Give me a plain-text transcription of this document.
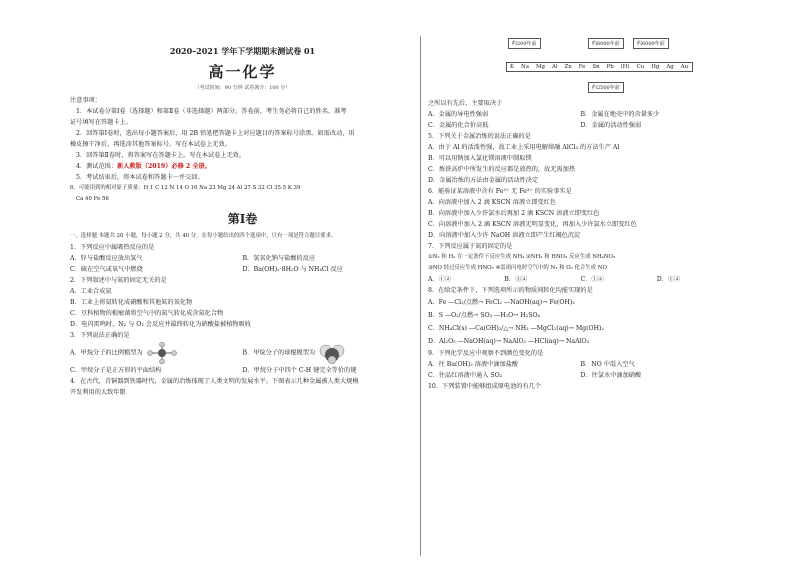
2020–2021 学年下学期期末测试卷 01
高一化学
（考试时间：90 分钟 试卷满分：100 分）
注意事项：
1．本试卷分第Ⅰ卷（选择题）和第Ⅱ卷（非选择题）两部分。答卷前，考生务必将自己的姓名、准考
证号填写在答题卡上。
2．回答第Ⅰ卷时，选出每小题答案后，用 2B 铅笔把答题卡上对应题目的答案标号涂黑。如需改动，用
橡皮擦干净后，再选涂其他答案标号。写在本试卷上无效。
3．回答第Ⅱ卷时，将答案写在答题卡上。写在本试卷上无效。
4．测试范围：新人教版（2019）必修 2 全册。
5．考试结束后，将本试卷和答题卡一并交回。
6．可能用到的相对原子质量：H 1 C 12 N 14 O 16 Na 23 Mg 24 Al 27 S 32 Cl 35.5 K 39
Ca 40 Fe 56
第Ⅰ卷
一、选择题 本题共 20 小题，每小题 2 分，共 40 分。在每小题给出的四个选项中，只有一项是符合题目要求。
1．下列反应中属吸热反应的是
A．锌与盐酸反应放出氢气	B．氢氧化钠与盐酸的反应
C．硫在空气或氧气中燃烧	D．Ba(OH)₂·8H₂O 与 NH₄Cl 反应
2．下列叙述中与氮的固定无关的是
A．工业合成氨
B．工业上将氨转化成硝酸和其他氮的氧化物
C．豆科植物的根瘤菌将空气中的氮气转化成含氮化合物
D．电闪雷鸣时，N₂ 与 O₂ 会反应并最终转化为硝酸盐被植物吸收
3．下列说法正确的是
A．甲烷分子的比例模型为	B．甲烷分子的球棍模型为
C．甲烷分子是正方形的平面结构	D．甲烷分子中四个 C-H 键完全等价的键
4．在古代，青铜器到铁器时代，金属的冶炼体现了人类文明的发展水平。下图表示几种金属被人类大规模
开发利用的大致年限
约200年前	约6000年前	约6000年前
K	Na	Mg	Al	Zn	Fe	Sn	Pb	(H)	Cu	Hg	Ag	Au
约2500年前
之所以有先后，主要取决于
A．金属的导电性强弱	B．金属在地壳中的含量多少
C．金属的化合价高低	D．金属的活动性强弱
5．下列关于金属冶炼的说法正确的是
A．由于 Al 的活泼性强，故工业上采用电解熔融 AlCl₃ 的方法生产 Al
B．可以用钠加入氯化镁溶液中制取镁
C．炼铁高炉中所发生的反应都是放热的，故无需加热
D．金属冶炼的方法由金属的活动性决定
6．能验证某溶液中含有 Fe²⁺ 无 Fe³⁺ 的实验事实是
A．向溶液中加入 2 滴 KSCN 溶液立即变红色
B．向溶液中加入少许氯水后再加 2 滴 KSCN 溶液立即变红色
C．向溶液中加入 2 滴 KSCN 溶液无明显变化，再加入少许氯水立即变红色
D．向溶液中加入少许 NaOH 溶液立即产生红褐色沉淀
7．下列反应属于氮的固定的是
①N₂ 和 H₂ 在一定条件下反应生成 NH₃ ②NH₃ 和 HNO₃ 反应生成 NH₄NO₃
③NO 经过反应生成 HNO₃ ④雷雨闪电时空气中的 N₂ 和 O₂ 化合生成 NO
A．①②	B．③④	C．①④	D．①④
8．在给定条件下，下列选项所示的物质间转化均能实现的是
A．Fe —Cl₂/点燃→ FeCl₂ —NaOH(aq)→ Fe(OH)₂
B．S —O₂/点燃→ SO₃ —H₂O→ H₂SO₄
C．NH₄Cl(s) —Ca(OH)₂/△→ NH₃ —MgCl₂(aq)→ Mg(OH)₂
D．Al₂O₃ —NaOH(aq)→ NaAlO₂ —HCl(aq)→ NaAlO₃
9．下列化学反应中观察不到颜色变化的是
A．往 Ba(OH)₂ 溶液中滴加盐酸	B．NO 中混入空气
C．往品红溶液中通入 SO₂	D．往氯水中滴加硝酸
10．下列装置中能够组成原电池的有几个
